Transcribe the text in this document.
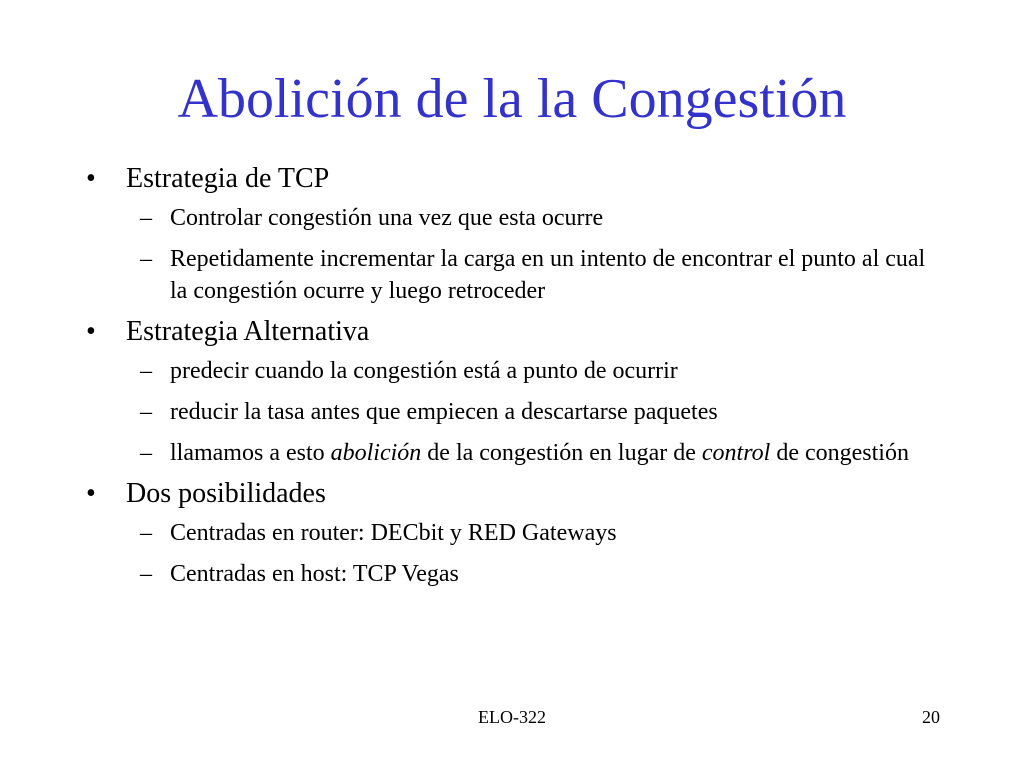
Abolición de la la Congestión
•	Estrategia de TCP
– Controlar congestión una vez que esta ocurre
– Repetidamente incrementar la carga en un intento de encontrar el punto al cual la congestión ocurre y luego retroceder
•	Estrategia Alternativa
– predecir cuando la congestión está a punto de ocurrir
– reducir la tasa antes que empiecen a descartarse paquetes
– llamamos a esto abolición de la congestión en lugar de control de congestión
•	Dos posibilidades
– Centradas en router: DECbit y RED Gateways
– Centradas en host: TCP Vegas
ELO-322	20
